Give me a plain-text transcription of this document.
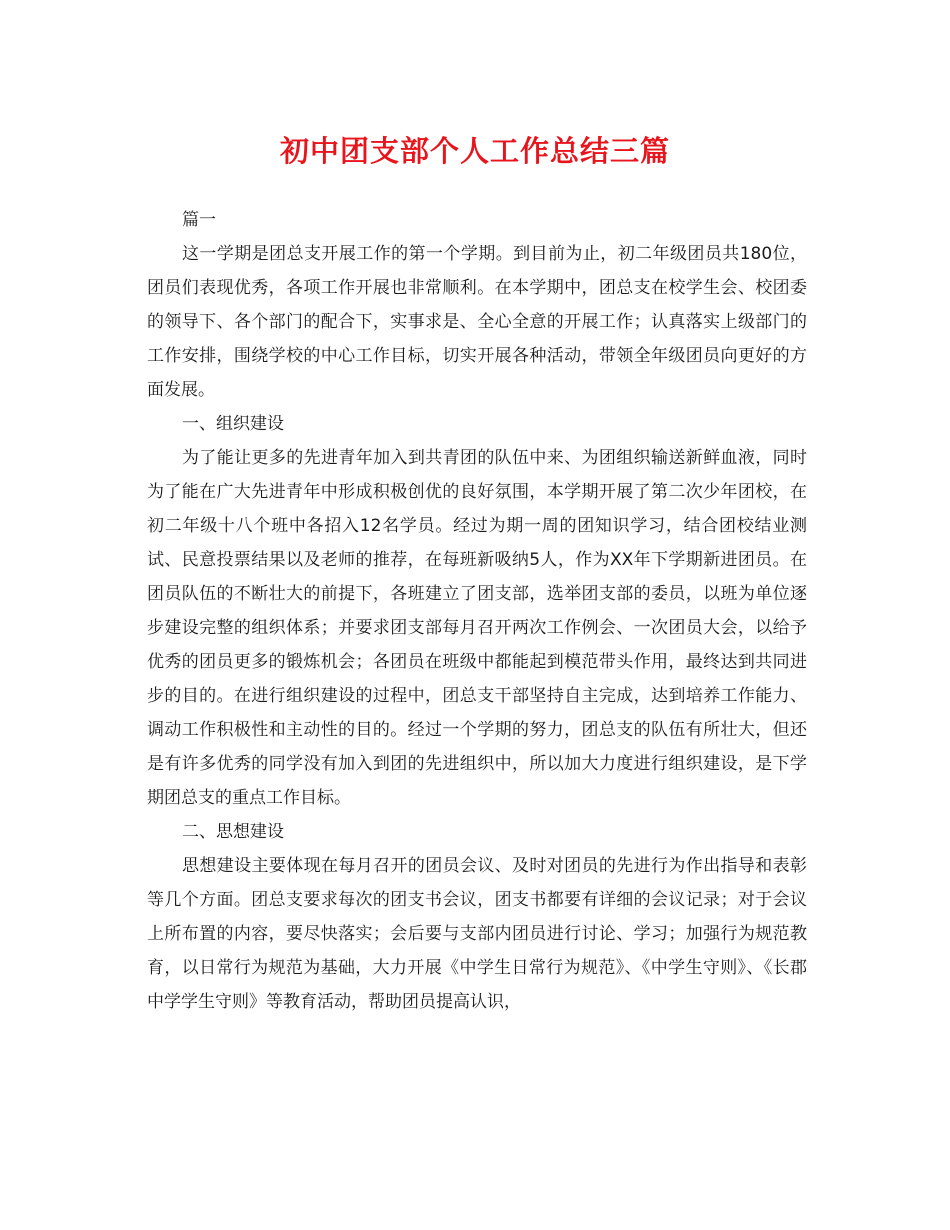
初中团支部个人工作总结三篇

篇一

这一学期是团总支开展工作的第一个学期。到目前为止，初二年级团员共180位，团员们表现优秀，各项工作开展也非常顺利。在本学期中，团总支在校学生会、校团委的领导下、各个部门的配合下，实事求是、全心全意的开展工作；认真落实上级部门的工作安排，围绕学校的中心工作目标，切实开展各种活动，带领全年级团员向更好的方面发展。

一、组织建设

为了能让更多的先进青年加入到共青团的队伍中来、为团组织输送新鲜血液，同时为了能在广大先进青年中形成积极创优的良好氛围，本学期开展了第二次少年团校，在初二年级十八个班中各招入12名学员。经过为期一周的团知识学习，结合团校结业测试、民意投票结果以及老师的推荐，在每班新吸纳5人，作为XX年下学期新进团员。在团员队伍的不断壮大的前提下，各班建立了团支部，选举团支部的委员，以班为单位逐步建设完整的组织体系；并要求团支部每月召开两次工作例会、一次团员大会，以给予优秀的团员更多的锻炼机会；各团员在班级中都能起到模范带头作用，最终达到共同进步的目的。在进行组织建设的过程中，团总支干部坚持自主完成，达到培养工作能力、调动工作积极性和主动性的目的。经过一个学期的努力，团总支的队伍有所壮大，但还是有许多优秀的同学没有加入到团的先进组织中，所以加大力度进行组织建设，是下学期团总支的重点工作目标。

二、思想建设

思想建设主要体现在每月召开的团员会议、及时对团员的先进行为作出指导和表彰等几个方面。团总支要求每次的团支书会议，团支书都要有详细的会议记录；对于会议上所布置的内容，要尽快落实；会后要与支部内团员进行讨论、学习；加强行为规范教育，以日常行为规范为基础，大力开展《中学生日常行为规范》、《中学生守则》、《长郡中学学生守则》等教育活动，帮助团员提高认识，
